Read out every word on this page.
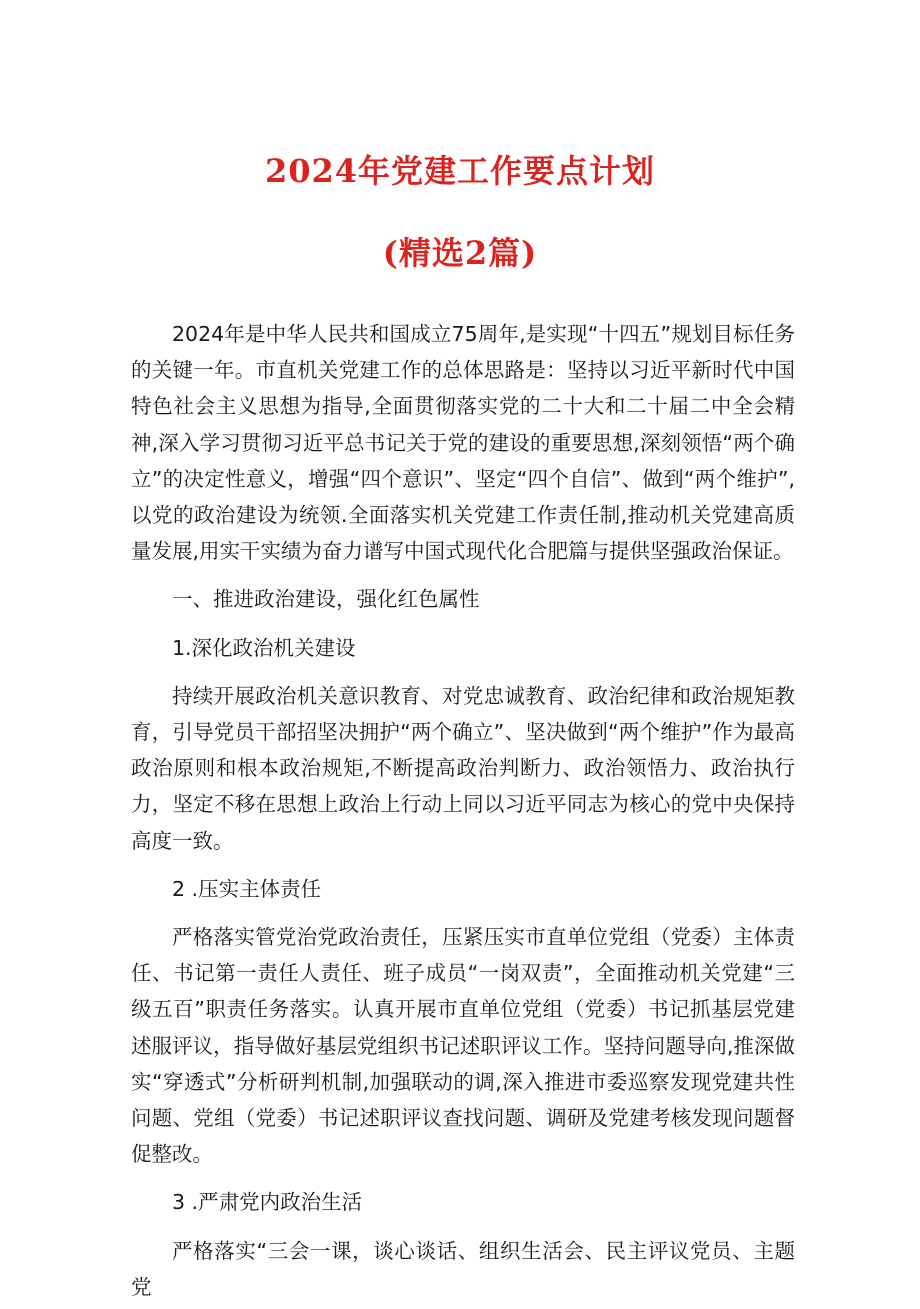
2024年党建工作要点计划
(精选2篇)

2024年是中华人民共和国成立75周年,是实现“十四五”规划目标任务的关键一年。市直机关党建工作的总体思路是：坚持以习近平新时代中国特色社会主义思想为指导,全面贯彻落实党的二十大和二十届二中全会精神,深入学习贯彻习近平总书记关于党的建设的重要思想,深刻领悟“两个确立”的决定性意义，增强“四个意识”、坚定“四个自信”、做到“两个维护”,以党的政治建设为统领.全面落实机关党建工作责任制,推动机关党建高质量发展,用实干实绩为奋力谱写中国式现代化合肥篇与提供坚强政治保证。

一、推进政治建设，强化红色属性

1.深化政治机关建设

持续开展政治机关意识教育、对党忠诚教育、政治纪律和政治规矩教育，引导党员干部招坚决拥护“两个确立”、坚决做到“两个维护”作为最高政治原则和根本政治规矩,不断提高政治判断力、政治领悟力、政治执行力，坚定不移在思想上政治上行动上同以习近平同志为核心的党中央保持高度一致。

2 .压实主体责任

严格落实管党治党政治责任，压紧压实市直单位党组（党委）主体责任、书记第一责任人责任、班子成员“一岗双责”，全面推动机关党建“三级五百”职责任务落实。认真开展市直单位党组（党委）书记抓基层党建述服评议，指导做好基层党组织书记述职评议工作。坚持问题导向,推深做实“穿透式”分析研判机制,加强联动的调,深入推进市委巡察发现党建共性问题、党组（党委）书记述职评议查找问题、调研及党建考核发现问题督促整改。

3 .严肃党内政治生活

严格落实“三会一课，谈心谈话、组织生活会、民主评议党员、主题党
